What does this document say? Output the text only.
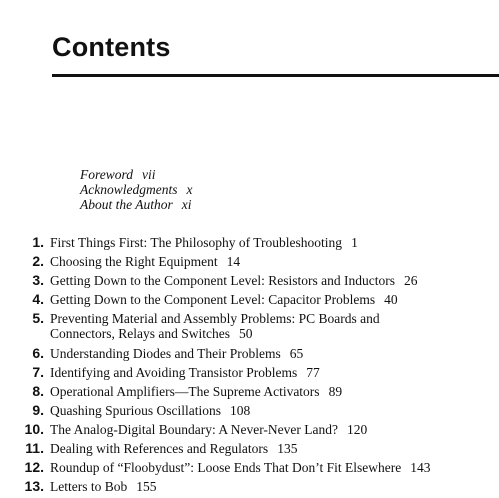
Contents
Foreword vii
Acknowledgments x
About the Author xi
1. First Things First: The Philosophy of Troubleshooting 1
2. Choosing the Right Equipment 14
3. Getting Down to the Component Level: Resistors and Inductors 26
4. Getting Down to the Component Level: Capacitor Problems 40
5. Preventing Material and Assembly Problems: PC Boards and
Connectors, Relays and Switches 50
6. Understanding Diodes and Their Problems 65
7. Identifying and Avoiding Transistor Problems 77
8. Operational Amplifiers—The Supreme Activators 89
9. Quashing Spurious Oscillations 108
10. The Analog-Digital Boundary: A Never-Never Land? 120
11. Dealing with References and Regulators 135
12. Roundup of “Floobydust”: Loose Ends That Don’t Fit Elsewhere 143
13. Letters to Bob 155
